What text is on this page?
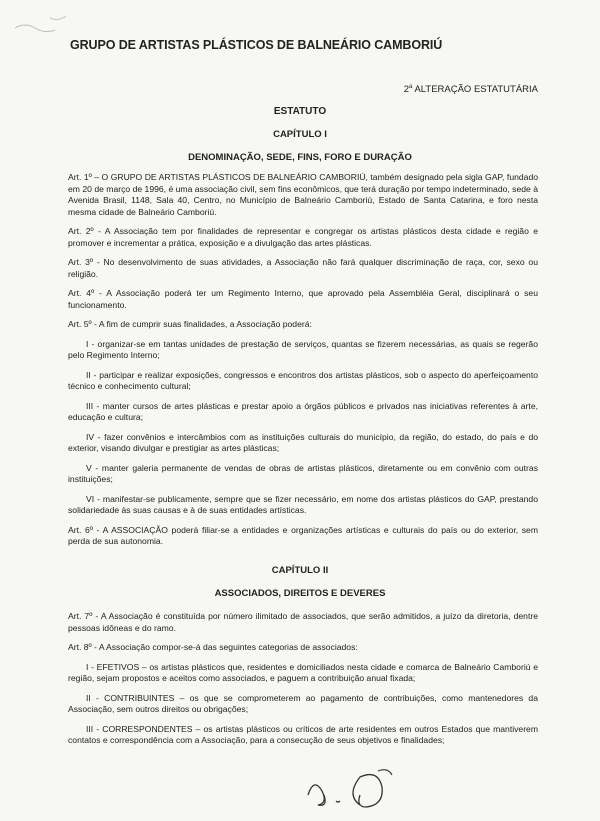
GRUPO DE ARTISTAS PLÁSTICOS DE BALNEÁRIO CAMBORIÚ
2$^a$ ALTERAÇÃO ESTATUTÁRIA
ESTATUTO
CAPÍTULO I
DENOMINAÇÃO, SEDE, FINS, FORO E DURAÇÃO

Art. 1º – O GRUPO DE ARTISTAS PLÁSTICOS DE BALNEÁRIO CAMBORIÚ, também designado pela sigla GAP, fundado em 20 de março de 1996, é uma associação civil, sem fins econômicos, que terá duração por tempo indeterminado, sede à Avenida Brasil, 1148, Sala 40, Centro, no Município de Balneário Camboriú, Estado de Santa Catarina, e foro nesta mesma cidade de Balneário Camboriú.

Art. 2º - A Associação tem por finalidades de representar e congregar os artistas plásticos desta cidade e região e promover e incrementar a prática, exposição e a divulgação das artes plásticas.

Art. 3º - No desenvolvimento de suas atividades, a Associação não fará qualquer discriminação de raça, cor, sexo ou religião.

Art. 4º - A Associação poderá ter um Regimento Interno, que aprovado pela Assembléia Geral, disciplinará o seu funcionamento.

Art. 5º - A fim de cumprir suas finalidades, a Associação poderá:

I - organizar-se em tantas unidades de prestação de serviços, quantas se fizerem necessárias, as quais se regerão pelo Regimento Interno;

II - participar e realizar exposições, congressos e encontros dos artistas plásticos, sob o aspecto do aperfeiçoamento técnico e conhecimento cultural;

III - manter cursos de artes plásticas e prestar apoio a órgãos públicos e privados nas iniciativas referentes à arte, educação e cultura;

IV - fazer convênios e intercâmbios com as instituições culturais do município, da região, do estado, do país e do exterior, visando divulgar e prestigiar as artes plásticas;

V - manter galeria permanente de vendas de obras de artistas plásticos, diretamente ou em convênio com outras instituições;

VI - manifestar-se publicamente, sempre que se fizer necessário, em nome dos artistas plásticos do GAP, prestando solidariedade às suas causas e à de suas entidades artísticas.

Art. 6º - A ASSOCIAÇÃO poderá filiar-se a entidades e organizações artísticas e culturais do país ou do exterior, sem perda de sua autonomia.

CAPÍTULO II
ASSOCIADOS, DIREITOS E DEVERES

Art. 7º - A Associação é constituída por número ilimitado de associados, que serão admitidos, a juízo da diretoria, dentre pessoas idôneas e do ramo.

Art. 8º - A Associação compor-se-á das seguintes categorias de associados:

I - EFETIVOS – os artistas plásticos que, residentes e domiciliados nesta cidade e comarca de Balneário Camboriú e região, sejam propostos e aceitos como associados, e paguem a contribuição anual fixada;

II - CONTRIBUINTES – os que se comprometerem ao pagamento de contribuições, como mantenedores da Associação, sem outros direitos ou obrigações;

III - CORRESPONDENTES – os artistas plásticos ou críticos de arte residentes em outros Estados que mantiverem contatos e correspondência com a Associação, para a consecução de seus objetivos e finalidades;
